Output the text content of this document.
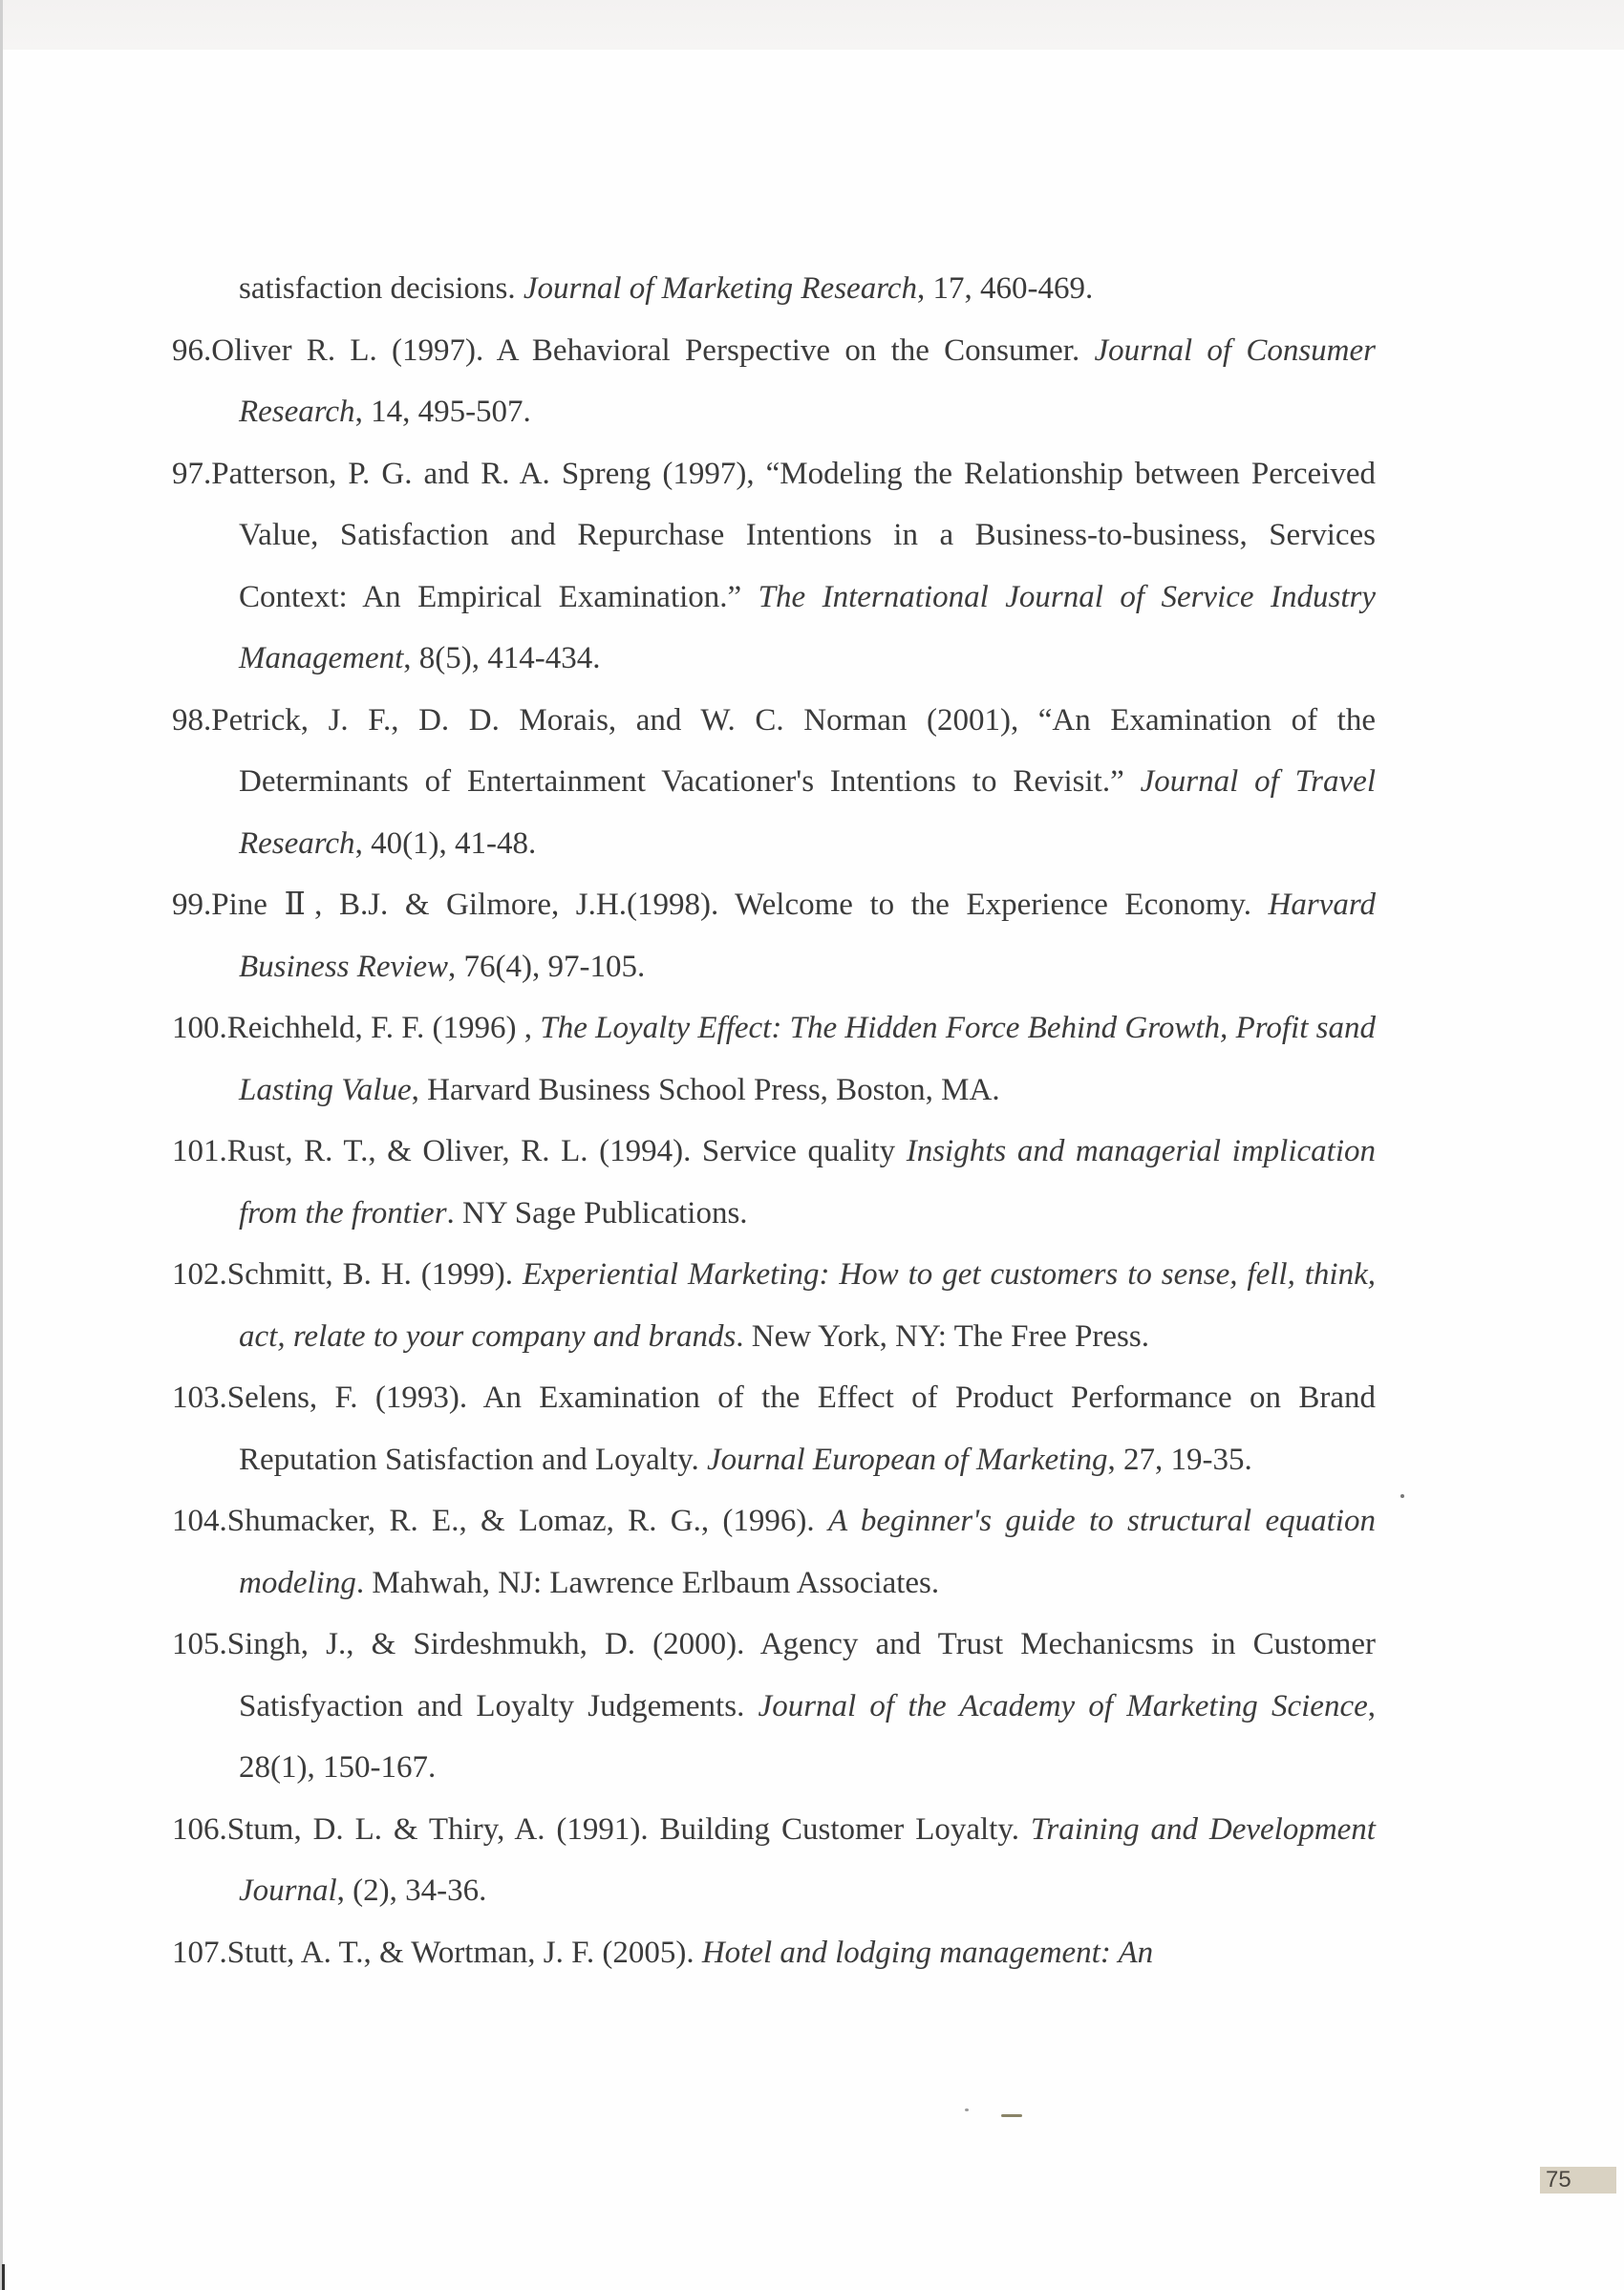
satisfaction decisions. Journal of Marketing Research, 17, 460-469.

96.Oliver R. L. (1997). A Behavioral Perspective on the Consumer. Journal of Consumer Research, 14, 495-507.

97.Patterson, P. G. and R. A. Spreng (1997), “Modeling the Relationship between Perceived Value, Satisfaction and Repurchase Intentions in a Business-to-business, Services Context: An Empirical Examination.” The International Journal of Service Industry Management, 8(5), 414-434.

98.Petrick, J. F., D. D. Morais, and W. C. Norman (2001), “An Examination of the Determinants of Entertainment Vacationer's Intentions to Revisit.” Journal of Travel Research, 40(1), 41-48.

99.Pine Ⅱ, B.J. & Gilmore, J.H.(1998). Welcome to the Experience Economy. Harvard Business Review, 76(4), 97-105.

100.Reichheld, F. F. (1996) , The Loyalty Effect: The Hidden Force Behind Growth, Profit sand Lasting Value, Harvard Business School Press, Boston, MA.

101.Rust, R. T., & Oliver, R. L. (1994). Service quality Insights and managerial implication from the frontier. NY Sage Publications.

102.Schmitt, B. H. (1999). Experiential Marketing: How to get customers to sense, fell, think, act, relate to your company and brands. New York, NY: The Free Press.

103.Selens, F. (1993). An Examination of the Effect of Product Performance on Brand Reputation Satisfaction and Loyalty. Journal European of Marketing, 27, 19-35.

104.Shumacker, R. E., & Lomaz, R. G., (1996). A beginner's guide to structural equation modeling. Mahwah, NJ: Lawrence Erlbaum Associates.

105.Singh, J., & Sirdeshmukh, D. (2000). Agency and Trust Mechanicsms in Customer Satisfyaction and Loyalty Judgements. Journal of the Academy of Marketing Science, 28(1), 150-167.

106.Stum, D. L. & Thiry, A. (1991). Building Customer Loyalty. Training and Development Journal, (2), 34-36.

107.Stutt, A. T., & Wortman, J. F. (2005). Hotel and lodging management: An

75
